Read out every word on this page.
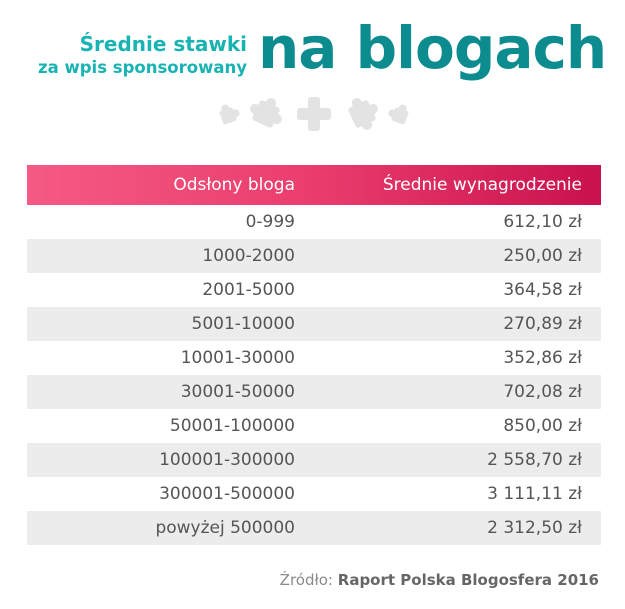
Średnie stawki
za wpis sponsorowany na blogach
Odsłony bloga	Średnie wynagrodzenie
0-999	612,10 zł
1000-2000	250,00 zł
2001-5000	364,58 zł
5001-10000	270,89 zł
10001-30000	352,86 zł
30001-50000	702,08 zł
50001-100000	850,00 zł
100001-300000	2 558,70 zł
300001-500000	3 111,11 zł
powyżej 500000	2 312,50 zł
Źródło: Raport Polska Blogosfera 2016
